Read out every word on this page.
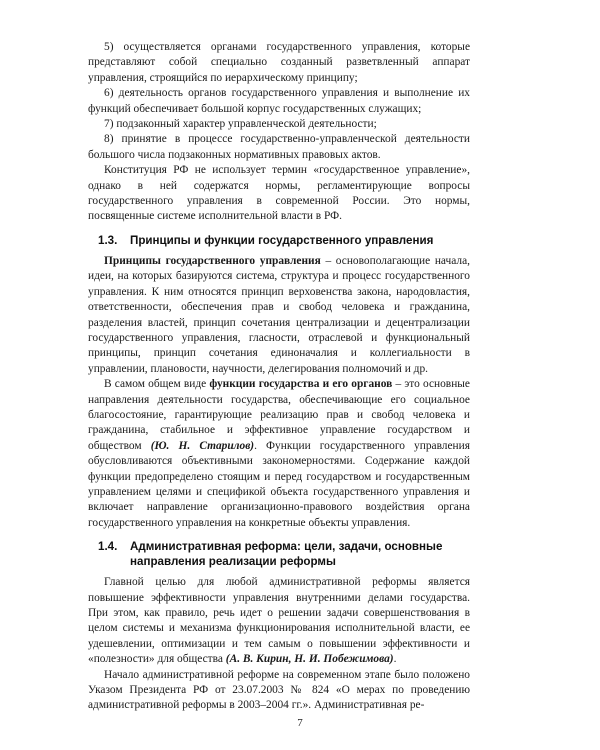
5) осуществляется органами государственного управления, которые представляют собой специально созданный разветвленный аппарат управления, строящийся по иерархическому принципу;

6) деятельность органов государственного управления и выполнение их функций обеспечивает большой корпус государственных служащих;

7) подзаконный характер управленческой деятельности;

8) принятие в процессе государственно-управленческой деятельности большого числа подзаконных нормативных правовых актов.

Конституция РФ не использует термин «государственное управление», однако в ней содержатся нормы, регламентирующие вопросы государственного управления в современной России. Это нормы, посвященные системе исполнительной власти в РФ.

1.3.	Принципы и функции государственного управления

Принципы государственного управления – основополагающие начала, идеи, на которых базируются система, структура и процесс государственного управления. К ним относятся принцип верховенства закона, народовластия, ответственности, обеспечения прав и свобод человека и гражданина, разделения властей, принцип сочетания централизации и децентрализации государственного управления, гласности, отраслевой и функциональный принципы, принцип сочетания единоначалия и коллегиальности в управлении, плановости, научности, делегирования полномочий и др.

В самом общем виде функции государства и его органов – это основные направления деятельности государства, обеспечивающие его социальное благосостояние, гарантирующие реализацию прав и свобод человека и гражданина, стабильное и эффективное управление государством и обществом (Ю. Н. Старилов). Функции государственного управления обусловливаются объективными закономерностями. Содержание каждой функции предопределено стоящим и перед государством и государственным управлением целями и спецификой объекта государственного управления и включает направление организационно-правового воздействия органа государственного управления на конкретные объекты управления.

1.4.	Административная реформа: цели, задачи, основные направления реализации реформы

Главной целью для любой административной реформы является повышение эффективности управления внутренними делами государства. При этом, как правило, речь идет о решении задачи совершенствования в целом системы и механизма функционирования исполнительной власти, ее удешевлении, оптимизации и тем самым о повышении эффективности и «полезности» для общества (А. В. Кирин, Н. И. Побежимова).

Начало административной реформе на современном этапе было положено Указом Президента РФ от 23.07.2003 № 824 «О мерах по проведению административной реформы в 2003–2004 гг.». Административная ре-

7
